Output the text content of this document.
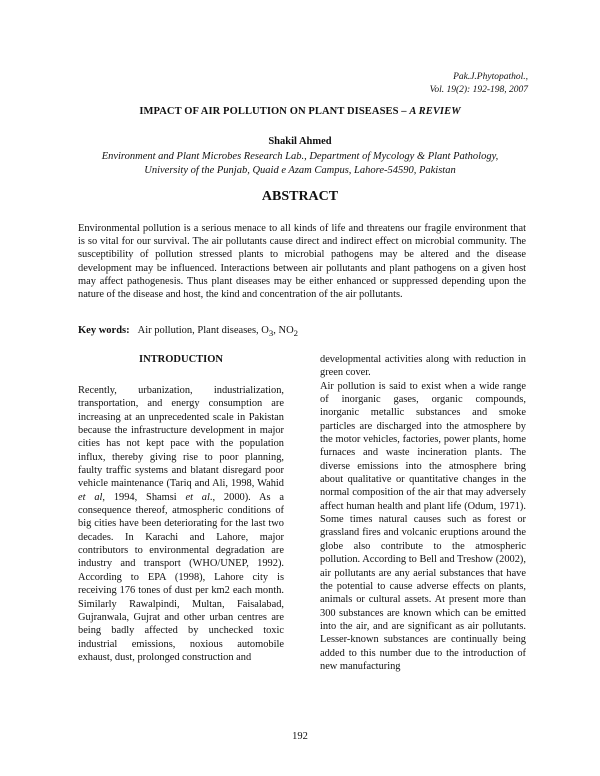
Pak.J.Phytopathol.,
Vol. 19(2): 192-198, 2007
IMPACT OF AIR POLLUTION ON PLANT DISEASES – A REVIEW
Shakil Ahmed
Environment and Plant Microbes Research Lab., Department of Mycology & Plant Pathology,
University of the Punjab, Quaid e Azam Campus, Lahore-54590, Pakistan
ABSTRACT

Environmental pollution is a serious menace to all kinds of life and threatens our fragile environment that is so vital for our survival. The air pollutants cause direct and indirect effect on microbial community. The susceptibility of pollution stressed plants to microbial pathogens may be altered and the disease development may be influenced. Interactions between air pollutants and plant pathogens on a given host may affect pathogenesis. Thus plant diseases may be either enhanced or suppressed depending upon the nature of the disease and host, the kind and concentration of the air pollutants.

Key words: Air pollution, Plant diseases, $O_3$, $NO_2$
INTRODUCTION

Recently, urbanization, industrialization, transportation, and energy consumption are increasing at an unprecedented scale in Pakistan because the infrastructure development in major cities has not kept pace with the population influx, thereby giving rise to poor planning, faulty traffic systems and blatant disregard poor vehicle maintenance (Tariq and Ali, 1998, Wahid et al, 1994, Shamsi et al., 2000). As a consequence thereof, atmospheric conditions of big cities have been deteriorating for the last two decades. In Karachi and Lahore, major contributors to environmental degradation are industry and transport (WHO/UNEP, 1992). According to EPA (1998), Lahore city is receiving 176 tones of dust per km2 each month. Similarly Rawalpindi, Multan, Faisalabad, Gujranwala, Gujrat and other urban centres are being badly affected by unchecked toxic industrial emissions, noxious automobile exhaust, dust, prolonged construction and

developmental activities along with reduction in green cover.

Air pollution is said to exist when a wide range of inorganic gases, organic compounds, inorganic metallic substances and smoke particles are discharged into the atmosphere by the motor vehicles, factories, power plants, home furnaces and waste incineration plants. The diverse emissions into the atmosphere bring about qualitative or quantitative changes in the normal composition of the air that may adversely affect human health and plant life (Odum, 1971). Some times natural causes such as forest or grassland fires and volcanic eruptions around the globe also contribute to the atmospheric pollution. According to Bell and Treshow (2002), air pollutants are any aerial substances that have the potential to cause adverse effects on plants, animals or cultural assets. At present more than 300 substances are known which can be emitted into the air, and are significant as air pollutants. Lesser-known substances are continually being added to this number due to the introduction of new manufacturing

192
